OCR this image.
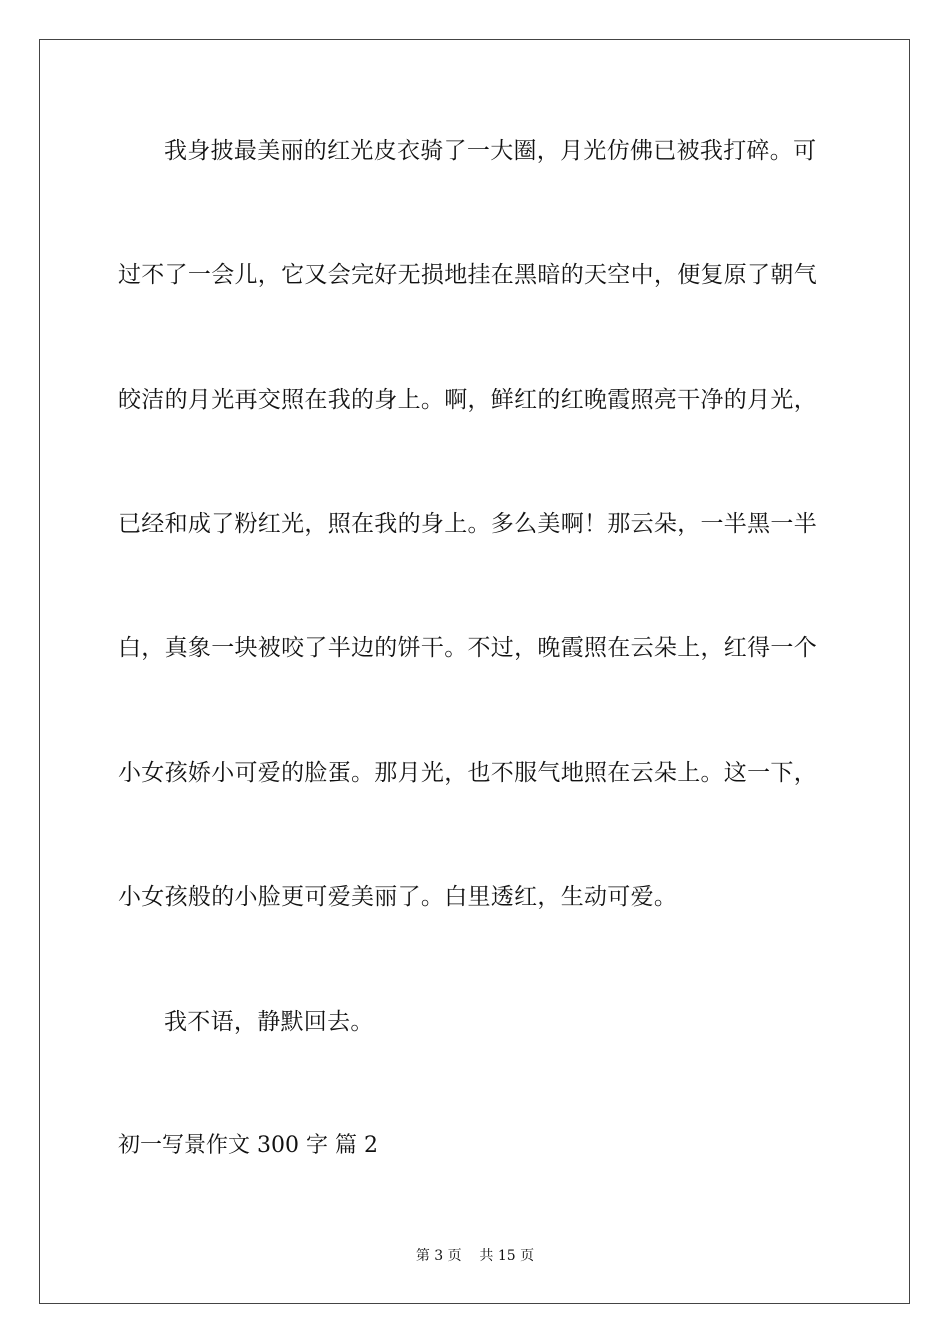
我身披最美丽的红光皮衣骑了一大圈，月光仿佛已被我打碎。可
过不了一会儿，它又会完好无损地挂在黑暗的天空中，便复原了朝气
皎洁的月光再交照在我的身上。啊，鲜红的红晚霞照亮干净的月光，
已经和成了粉红光，照在我的身上。多么美啊！那云朵，一半黑一半
白，真象一块被咬了半边的饼干。不过，晚霞照在云朵上，红得一个
小女孩娇小可爱的脸蛋。那月光，也不服气地照在云朵上。这一下，
小女孩般的小脸更可爱美丽了。白里透红，生动可爱。
我不语，静默回去。
初一写景作文 300 字 篇 2
第 3 页    共 15 页
